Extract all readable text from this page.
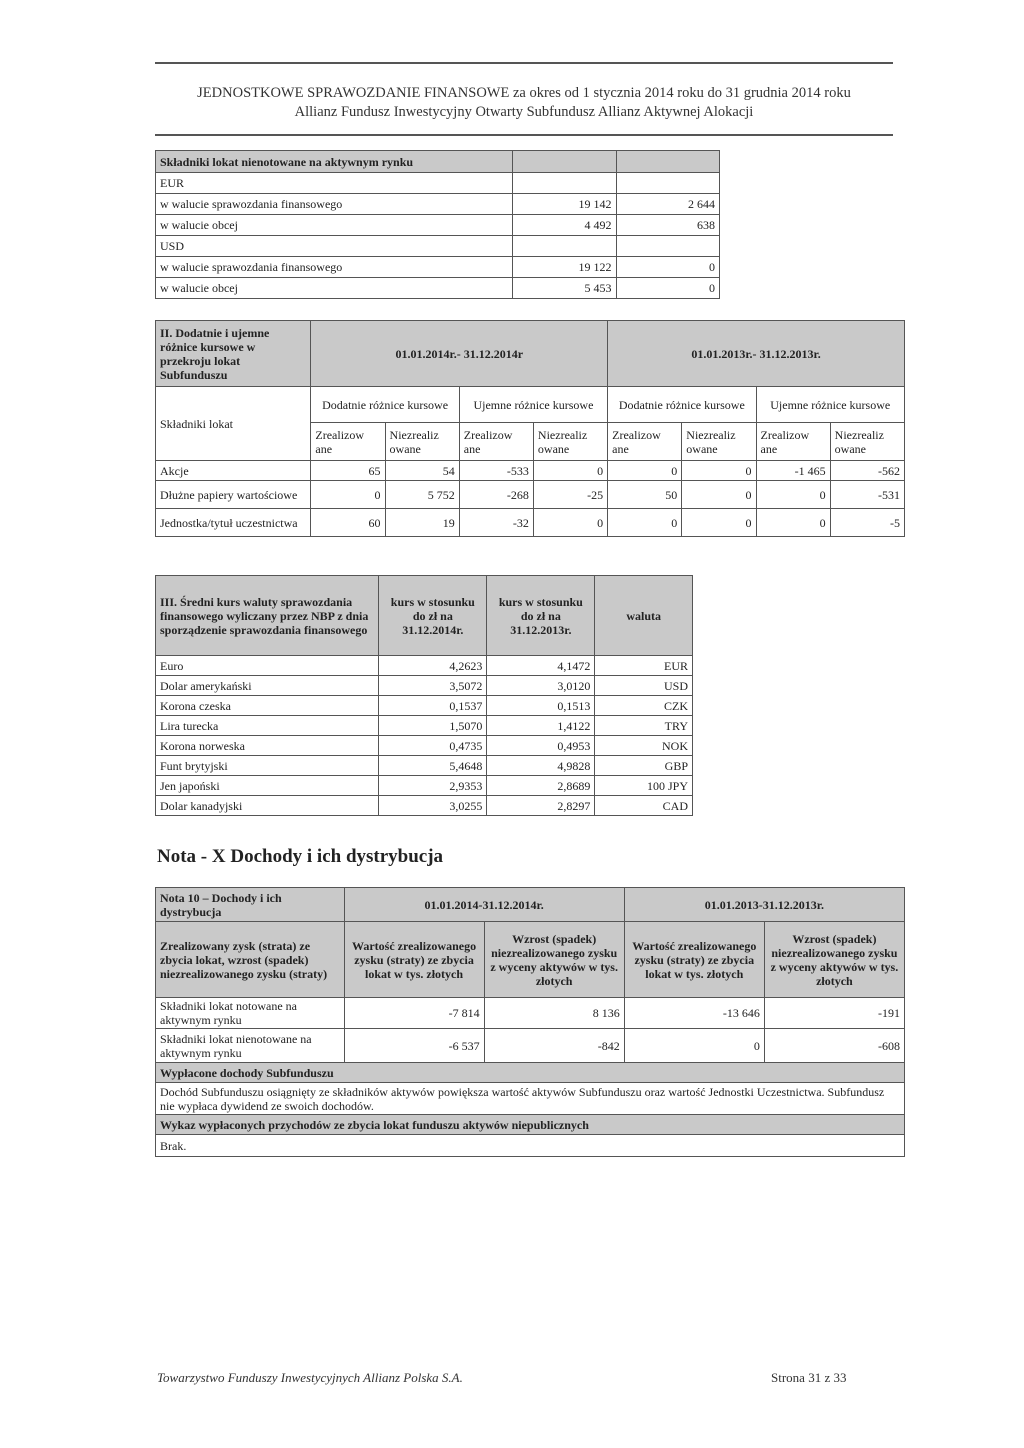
JEDNOSTKOWE SPRAWOZDANIE FINANSOWE za okres od 1 stycznia 2014 roku do 31 grudnia 2014 roku
Allianz Fundusz Inwestycyjny Otwarty Subfundusz Allianz Aktywnej Alokacji
Składniki lokat nienotowane na aktywnym rynku		
EUR		
w walucie sprawozdania finansowego	19 142	2 644
w walucie obcej	4 492	638
USD		
w walucie sprawozdania finansowego	19 122	0
w walucie obcej	5 453	0
II. Dodatnie i ujemne różnice kursowe w przekroju lokat Subfunduszu	01.01.2014r.- 31.12.2014r				01.01.2013r.- 31.12.2013r.			
Składniki lokat	Dodatnie różnice kursowe		Ujemne różnice kursowe		Dodatnie różnice kursowe		Ujemne różnice kursowe	
	Zrealizow ane	Niezrealiz owane	Zrealizow ane	Niezrealiz owane	Zrealizow ane	Niezrealiz owane	Zrealizow ane	Niezrealiz owane
Akcje	65	54	-533	0	0	0	-1 465	-562
Dłużne papiery wartościowe	0	5 752	-268	-25	50	0	0	-531
Jednostka/tytuł uczestnictwa	60	19	-32	0	0	0	0	-5
III. Średni kurs waluty sprawozdania finansowego wyliczany przez NBP z dnia sporządzenie sprawozdania finansowego	kurs w stosunku do zł na 31.12.2014r.	kurs w stosunku do zł na 31.12.2013r.	waluta
Euro	4,2623	4,1472	EUR
Dolar amerykański	3,5072	3,0120	USD
Korona czeska	0,1537	0,1513	CZK
Lira turecka	1,5070	1,4122	TRY
Korona norweska	0,4735	0,4953	NOK
Funt brytyjski	5,4648	4,9828	GBP
Jen japoński	2,9353	2,8689	100 JPY
Dolar kanadyjski	3,0255	2,8297	CAD
Nota - X Dochody i ich dystrybucja
Nota 10 – Dochody i ich dystrybucja	01.01.2014-31.12.2014r.		01.01.2013-31.12.2013r.	
Zrealizowany zysk (strata) ze zbycia lokat, wzrost (spadek) niezrealizowanego zysku (straty)	Wartość zrealizowanego zysku (straty) ze zbycia lokat w tys. złotych	Wzrost (spadek) niezrealizowanego zysku z wyceny aktywów w tys. złotych	Wartość zrealizowanego zysku (straty) ze zbycia lokat w tys. złotych	Wzrost (spadek) niezrealizowanego zysku z wyceny aktywów w tys. złotych
Składniki lokat notowane na aktywnym rynku	-7 814	8 136	-13 646	-191
Składniki lokat nienotowane na aktywnym rynku	-6 537	-842	0	-608
Wypłacone dochody Subfunduszu				
Dochód Subfunduszu osiągnięty ze składników aktywów powiększa wartość aktywów Subfunduszu oraz wartość Jednostki Uczestnictwa. Subfundusz nie wypłaca dywidend ze swoich dochodów.				
Wykaz wypłaconych przychodów ze zbycia lokat funduszu aktywów niepublicznych				
Brak.				
Towarzystwo Funduszy Inwestycyjnych Allianz Polska S.A.	Strona 31 z 33
